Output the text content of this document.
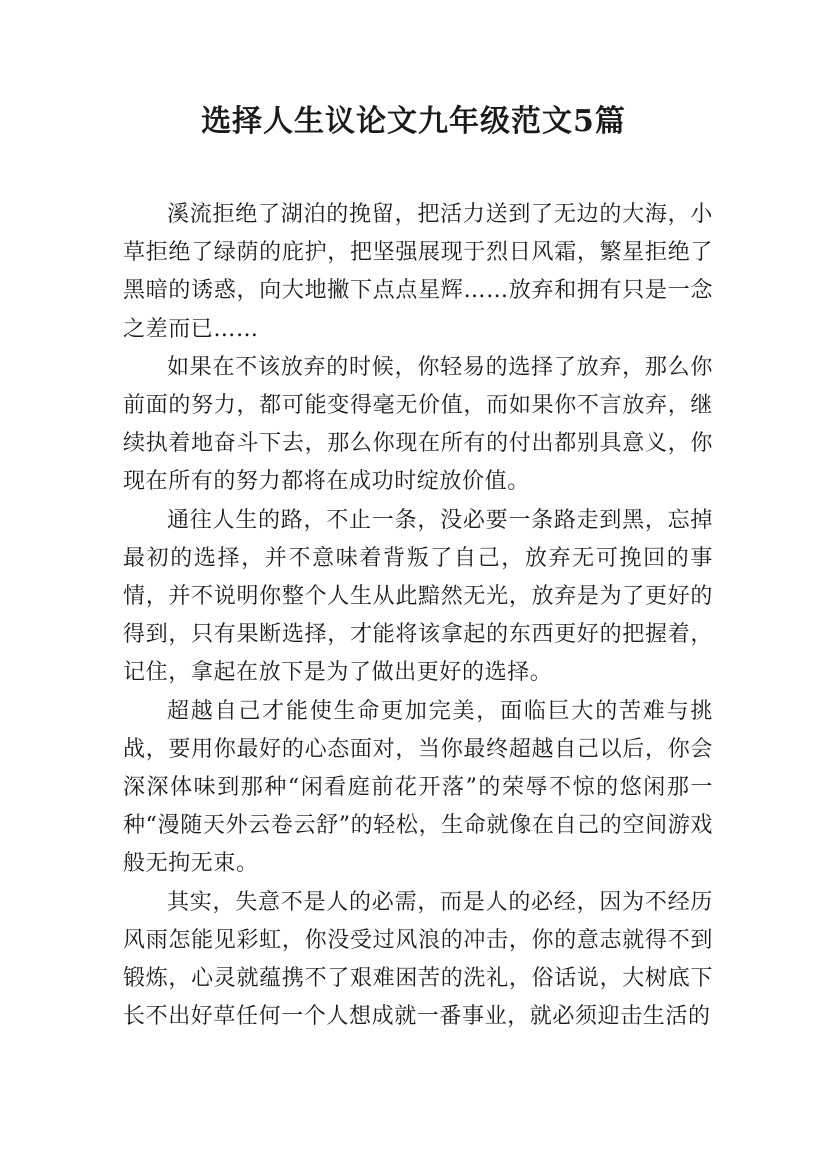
选择人生议论文九年级范文5篇

溪流拒绝了湖泊的挽留，把活力送到了无边的大海，小草拒绝了绿荫的庇护，把坚强展现于烈日风霜，繁星拒绝了黑暗的诱惑，向大地撇下点点星辉……放弃和拥有只是一念之差而已……

如果在不该放弃的时候，你轻易的选择了放弃，那么你前面的努力，都可能变得毫无价值，而如果你不言放弃，继续执着地奋斗下去，那么你现在所有的付出都别具意义，你现在所有的努力都将在成功时绽放价值。

通往人生的路，不止一条，没必要一条路走到黑，忘掉最初的选择，并不意味着背叛了自己，放弃无可挽回的事情，并不说明你整个人生从此黯然无光，放弃是为了更好的得到，只有果断选择，才能将该拿起的东西更好的把握着，记住，拿起在放下是为了做出更好的选择。

超越自己才能使生命更加完美，面临巨大的苦难与挑战，要用你最好的心态面对，当你最终超越自己以后，你会深深体味到那种“闲看庭前花开落”的荣辱不惊的悠闲那一种“漫随天外云卷云舒”的轻松，生命就像在自己的空间游戏般无拘无束。

其实，失意不是人的必需，而是人的必经，因为不经历风雨怎能见彩虹，你没受过风浪的冲击，你的意志就得不到锻炼，心灵就蕴携不了艰难困苦的洗礼，俗话说，大树底下长不出好草任何一个人想成就一番事业，就必须迎击生活的
